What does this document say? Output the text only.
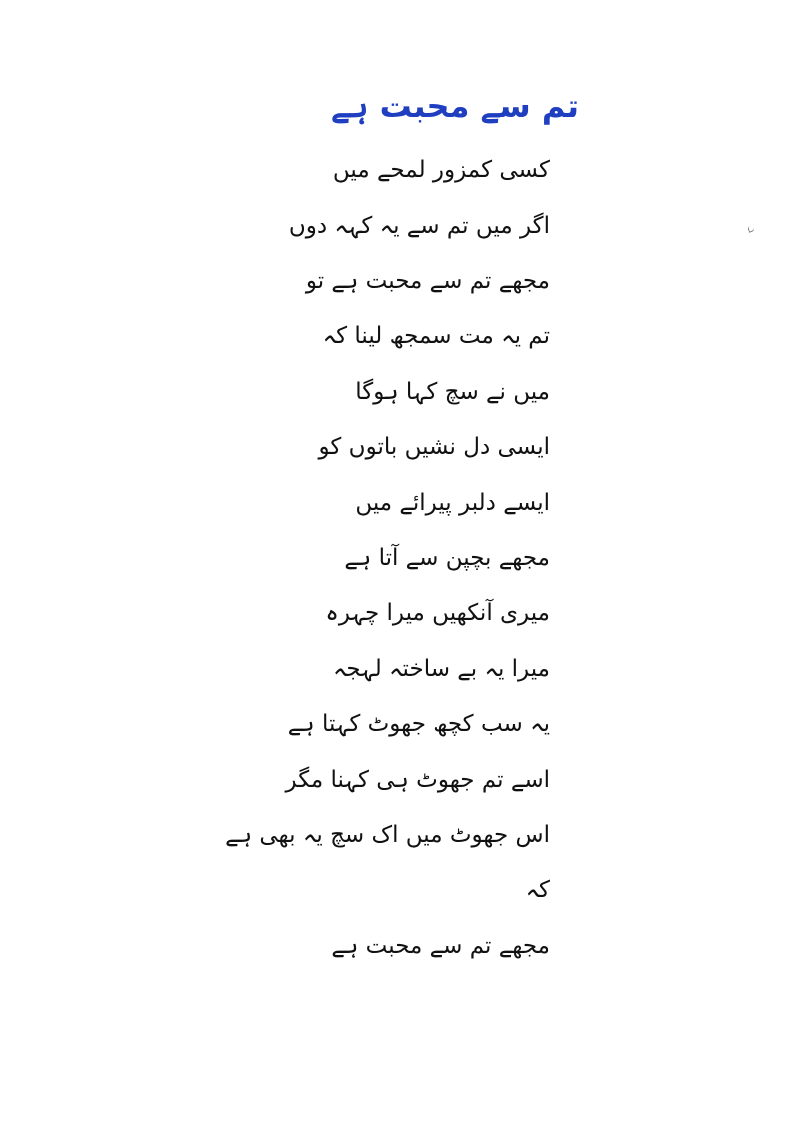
تم سے محبت ہے
کسی کمزور لمحے میں
اگر میں تم سے یہ کہہ دوں
مجھے تم سے محبت ہے تو
تم یہ مت سمجھ لینا کہ
میں نے سچ کہا ہوگا
ایسی دل نشیں باتوں کو
ایسے دلبر پیرائے میں
مجھے بچپن سے آتا ہے
میری آنکھیں میرا چہرہ
میرا یہ بے ساختہ لہجہ
یہ سب کچھ جھوٹ کہتا ہے
اسے تم جھوٹ ہی کہنا مگر
اس جھوٹ میں اک سچ یہ بھی ہے
کہ
مجھے تم سے محبت ہے
